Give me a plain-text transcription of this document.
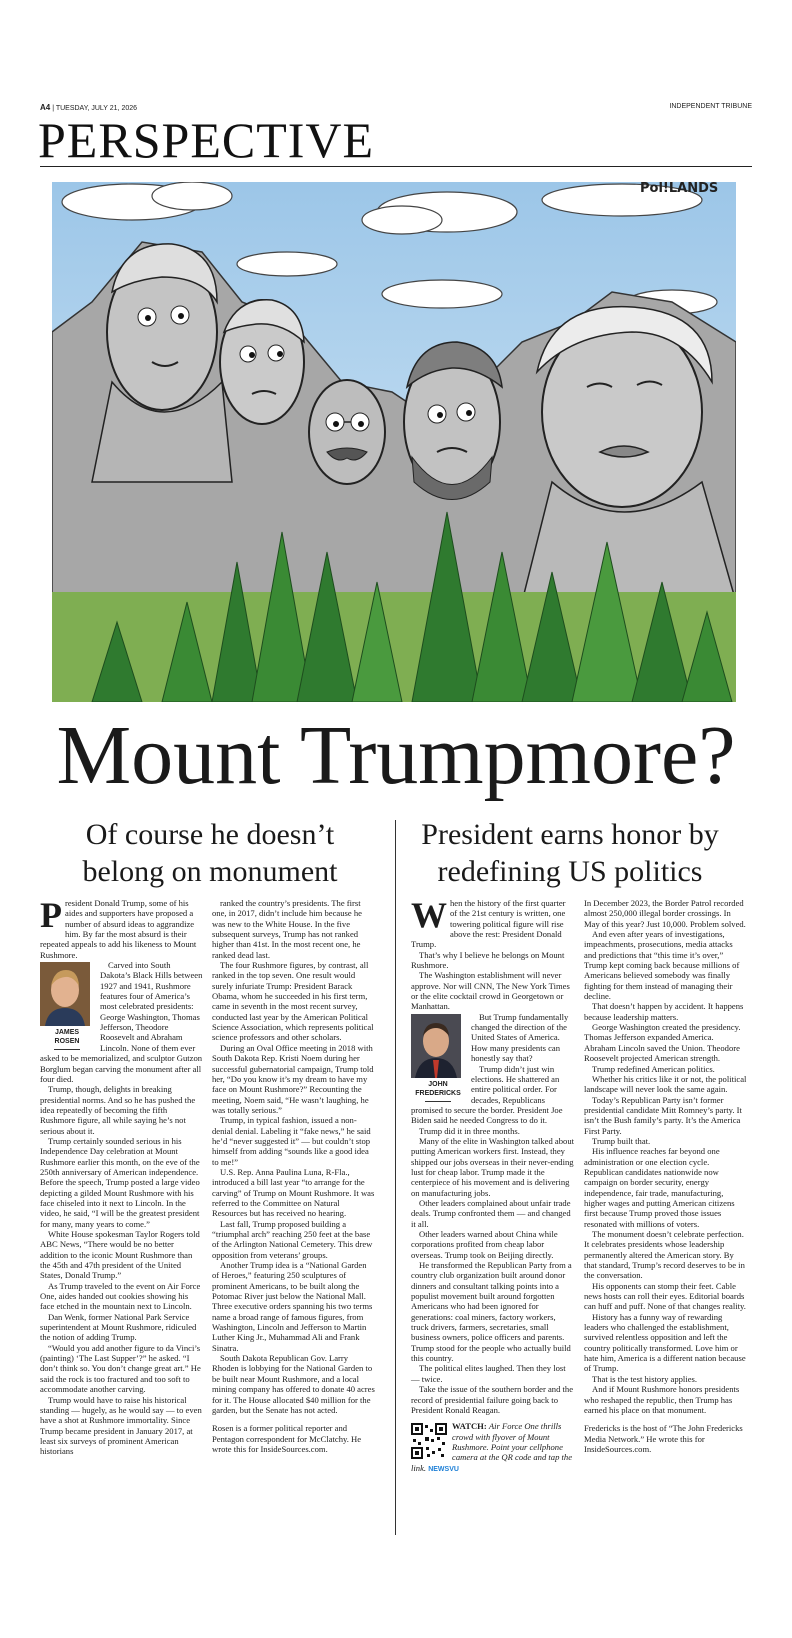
A4 | TUESDAY, JULY 21, 2026	INDEPENDENT TRIBUNE
PERSPECTIVE
Pol!LANDS
Mount Trumpmore?
Of course he doesn’t belong on monument
President earns honor by redefining US politics

President Donald Trump, some of his aides and supporters have proposed a number of absurd ideas to aggrandize him. By far the most absurd is their repeated appeals to add his likeness to Mount Rushmore.

JAMES
ROSEN

Carved into South Dakota’s Black Hills between 1927 and 1941, Rushmore features four of America’s most celebrated presidents: George Washington, Thomas Jefferson, Theodore Roosevelt and Abraham Lincoln. None of them ever asked to be memorialized, and sculptor Gutzon Borglum began carving the monument after all four died.

Trump, though, delights in breaking presidential norms. And so he has pushed the idea repeatedly of becoming the fifth Rushmore figure, all while saying he’s not serious about it.

Trump certainly sounded serious in his Independence Day celebration at Mount Rushmore earlier this month, on the eve of the 250th anniversary of American independence. Before the speech, Trump posted a large video depicting a gilded Mount Rushmore with his face chiseled into it next to Lincoln. In the video, he said, “I will be the greatest president for many, many years to come.”

White House spokesman Taylor Rogers told ABC News, “There would be no better addition to the iconic Mount Rushmore than the 45th and 47th president of the United States, Donald Trump.”

As Trump traveled to the event on Air Force One, aides handed out cookies showing his face etched in the mountain next to Lincoln.

Dan Wenk, former National Park Service superintendent at Mount Rushmore, ridiculed the notion of adding Trump.

“Would you add another figure to da Vinci’s (painting) ‘The Last Supper’?” he asked. “I don’t think so. You don’t change great art.” He said the rock is too fractured and too soft to accommodate another carving.

Trump would have to raise his historical standing — hugely, as he would say — to even have a shot at Rushmore immortality. Since Trump became president in January 2017, at least six surveys of prominent American historians

ranked the country’s presidents. The first one, in 2017, didn’t include him because he was new to the White House. In the five subsequent surveys, Trump has not ranked higher than 41st. In the most recent one, he ranked dead last.

The four Rushmore figures, by contrast, all ranked in the top seven. One result would surely infuriate Trump: President Barack Obama, whom he succeeded in his first term, came in seventh in the most recent survey, conducted last year by the American Political Science Association, which represents political science professors and other scholars.

During an Oval Office meeting in 2018 with South Dakota Rep. Kristi Noem during her successful gubernatorial campaign, Trump told her, “Do you know it’s my dream to have my face on Mount Rushmore?” Recounting the meeting, Noem said, “He wasn’t laughing, he was totally serious.”

Trump, in typical fashion, issued a non-denial denial. Labeling it “fake news,” he said he’d “never suggested it” — but couldn’t stop himself from adding “sounds like a good idea to me!”

U.S. Rep. Anna Paulina Luna, R-Fla., introduced a bill last year “to arrange for the carving” of Trump on Mount Rushmore. It was referred to the Committee on Natural Resources but has received no hearing.

Last fall, Trump proposed building a “triumphal arch” reaching 250 feet at the base of the Arlington National Cemetery. This drew opposition from veterans’ groups.

Another Trump idea is a “National Garden of Heroes,” featuring 250 sculptures of prominent Americans, to be built along the Potomac River just below the National Mall. Three executive orders spanning his two terms name a broad range of famous figures, from Washington, Lincoln and Jefferson to Martin Luther King Jr., Muhammad Ali and Frank Sinatra.

South Dakota Republican Gov. Larry Rhoden is lobbying for the National Garden to be built near Mount Rushmore, and a local mining company has offered to donate 40 acres for it. The House allocated $40 million for the garden, but the Senate has not acted.

Rosen is a former political reporter and Pentagon correspondent for McClatchy. He wrote this for InsideSources.com.

When the history of the first quarter of the 21st century is written, one towering political figure will rise above the rest: President Donald Trump.

That’s why I believe he belongs on Mount Rushmore.

The Washington establishment will never approve. Nor will CNN, The New York Times or the elite cocktail crowd in Georgetown or Manhattan.

JOHN
FREDERICKS

But Trump fundamentally changed the direction of the United States of America. How many presidents can honestly say that?

Trump didn’t just win elections. He shattered an entire political order. For decades, Republicans promised to secure the border. President Joe Biden said he needed Congress to do it.

Trump did it in three months.

Many of the elite in Washington talked about putting American workers first. Instead, they shipped our jobs overseas in their never-ending lust for cheap labor. Trump made it the centerpiece of his movement and is delivering on manufacturing jobs.

Other leaders complained about unfair trade deals. Trump confronted them — and changed it all.

Other leaders warned about China while corporations profited from cheap labor overseas. Trump took on Beijing directly.

He transformed the Republican Party from a country club organization built around donor dinners and consultant talking points into a populist movement built around forgotten Americans who had been ignored for generations: coal miners, factory workers, truck drivers, farmers, secretaries, small business owners, police officers and parents. Trump stood for the people who actually build this country.

The political elites laughed. Then they lost — twice.

Take the issue of the southern border and the record of presidential failure going back to President Ronald Reagan.

WATCH: Air Force One thrills crowd with flyover of Mount Rushmore. Point your cellphone camera at the QR code and tap the link. NEWSVU

In December 2023, the Border Patrol recorded almost 250,000 illegal border crossings. In May of this year? Just 10,000. Problem solved.

And even after years of investigations, impeachments, prosecutions, media attacks and predictions that “this time it’s over,” Trump kept coming back because millions of Americans believed somebody was finally fighting for them instead of managing their decline.

That doesn’t happen by accident. It happens because leadership matters.

George Washington created the presidency. Thomas Jefferson expanded America. Abraham Lincoln saved the Union. Theodore Roosevelt projected American strength.

Trump redefined American politics.

Whether his critics like it or not, the political landscape will never look the same again.

Today’s Republican Party isn’t former presidential candidate Mitt Romney’s party. It isn’t the Bush family’s party. It’s the America First Party.

Trump built that.

His influence reaches far beyond one administration or one election cycle. Republican candidates nationwide now campaign on border security, energy independence, fair trade, manufacturing, higher wages and putting American citizens first because Trump proved those issues resonated with millions of voters.

The monument doesn’t celebrate perfection. It celebrates presidents whose leadership permanently altered the American story. By that standard, Trump’s record deserves to be in the conversation.

His opponents can stomp their feet. Cable news hosts can roll their eyes. Editorial boards can huff and puff. None of that changes reality.

History has a funny way of rewarding leaders who challenged the establishment, survived relentless opposition and left the country politically transformed. Love him or hate him, America is a different nation because of Trump.

That is the test history applies.

And if Mount Rushmore honors presidents who reshaped the republic, then Trump has earned his place on that monument.

Fredericks is the host of “The John Fredericks Media Network.” He wrote this for InsideSources.com.
